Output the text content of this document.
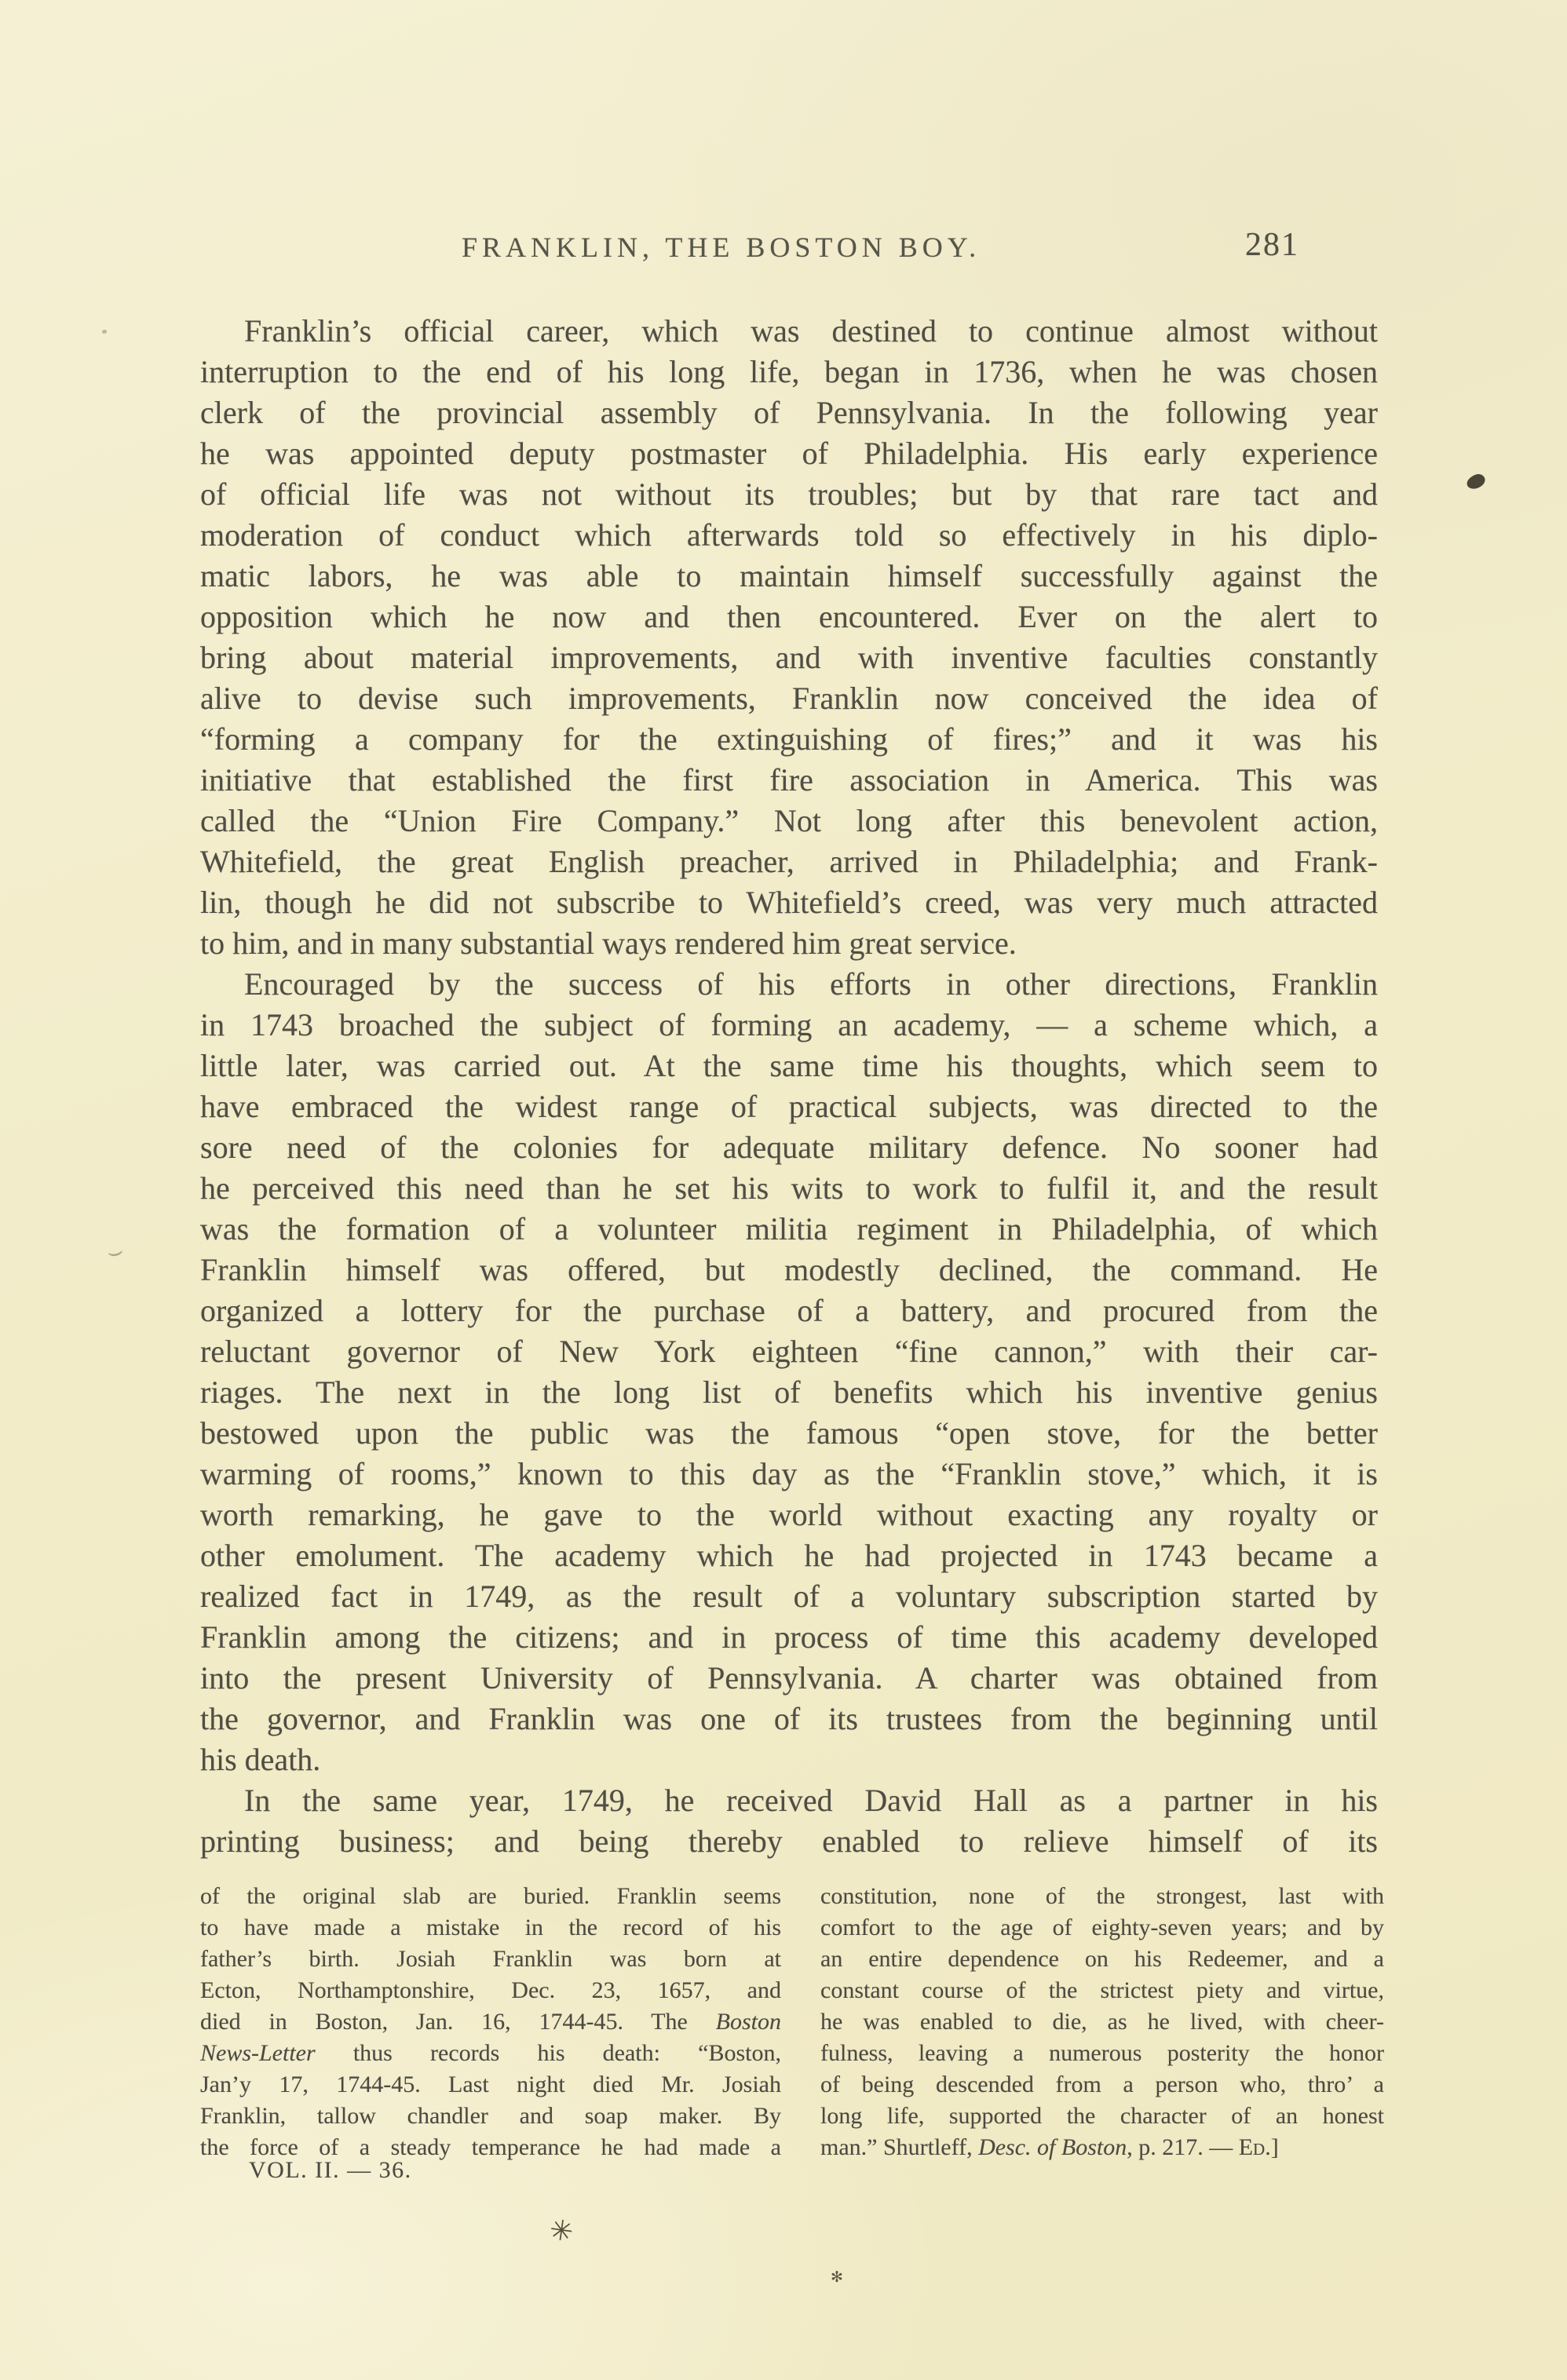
FRANKLIN, THE BOSTON BOY.	281
Franklin’s official career, which was destined to continue almost without
interruption to the end of his long life, began in 1736, when he was chosen
clerk of the provincial assembly of Pennsylvania. In the following year
he was appointed deputy postmaster of Philadelphia. His early experience
of official life was not without its troubles; but by that rare tact and
moderation of conduct which afterwards told so effectively in his diplo-
matic labors, he was able to maintain himself successfully against the
opposition which he now and then encountered. Ever on the alert to
bring about material improvements, and with inventive faculties constantly
alive to devise such improvements, Franklin now conceived the idea of
“forming a company for the extinguishing of fires;” and it was his
initiative that established the first fire association in America. This was
called the “Union Fire Company.” Not long after this benevolent action,
Whitefield, the great English preacher, arrived in Philadelphia; and Frank-
lin, though he did not subscribe to Whitefield’s creed, was very much attracted
to him, and in many substantial ways rendered him great service.
Encouraged by the success of his efforts in other directions, Franklin
in 1743 broached the subject of forming an academy, — a scheme which, a
little later, was carried out. At the same time his thoughts, which seem to
have embraced the widest range of practical subjects, was directed to the
sore need of the colonies for adequate military defence. No sooner had
he perceived this need than he set his wits to work to fulfil it, and the result
was the formation of a volunteer militia regiment in Philadelphia, of which
Franklin himself was offered, but modestly declined, the command. He
organized a lottery for the purchase of a battery, and procured from the
reluctant governor of New York eighteen “fine cannon,” with their car-
riages. The next in the long list of benefits which his inventive genius
bestowed upon the public was the famous “open stove, for the better
warming of rooms,” known to this day as the “Franklin stove,” which, it is
worth remarking, he gave to the world without exacting any royalty or
other emolument. The academy which he had projected in 1743 became a
realized fact in 1749, as the result of a voluntary subscription started by
Franklin among the citizens; and in process of time this academy developed
into the present University of Pennsylvania. A charter was obtained from
the governor, and Franklin was one of its trustees from the beginning until
his death.
In the same year, 1749, he received David Hall as a partner in his
printing business; and being thereby enabled to relieve himself of its
of the original slab are buried. Franklin seems
to have made a mistake in the record of his
father’s birth. Josiah Franklin was born at
Ecton, Northamptonshire, Dec. 23, 1657, and
died in Boston, Jan. 16, 1744-45. The Boston
News-Letter thus records his death: “Boston,
Jan’y 17, 1744-45. Last night died Mr. Josiah
Franklin, tallow chandler and soap maker. By
the force of a steady temperance he had made a
constitution, none of the strongest, last with
comfort to the age of eighty-seven years; and by
an entire dependence on his Redeemer, and a
constant course of the strictest piety and virtue,
he was enabled to die, as he lived, with cheer-
fulness, leaving a numerous posterity the honor
of being descended from a person who, thro’ a
long life, supported the character of an honest
man.” Shurtleff, Desc. of Boston, p. 217. — Ed.]
VOL. II. — 36.
⌣
✳
✻
